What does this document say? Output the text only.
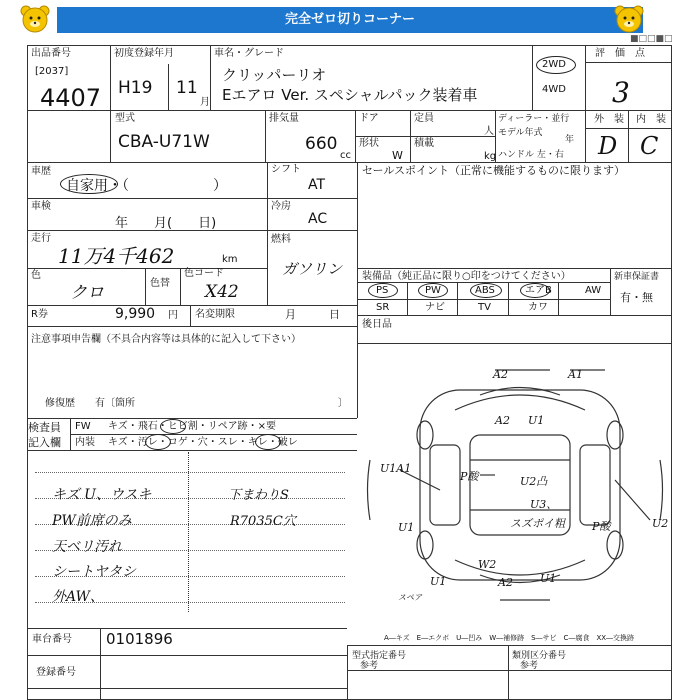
完全ゼロ切りコーナー
■□□■□
出品番号
[2037]
4407
初度登録年月
H19 11
月
車名・グレード
クリッパーリオ
Eエアロ Ver. スペシャルパック装着車
2WD
4WD
評　価　点
3
外　装 内　装
D C
型式
CBA-U71W
排気量
660
cc
ドア
形状
W
定員
人
積載
kg
ディーラー・並行
モデル年式
年
ハンドル 左・右
車歴
自家用・（　　　　　　）
車検
年　　月(　　日)
走行
11万4千462	km
色
クロ	色替
色コード
X42
R券	9,990 円 名変期限	月　　　日
シフト
AT
冷房
AC
燃料
ガソリン
セールスポイント（正常に機能するものに限ります）
装備品（純正品に限り○印をつけてください）	新車保証書
有・無
PS	PW	ABS	エアB	AW
SR	ナビ	TV	カワ
後日品
注意事項申告欄（不具合内容等は具体的に記入して下さい）
修復歴　　有〔箇所	〕
検査員
記入欄
FW キズ・飛石・ヒビ割・リペア跡・×要
内装 キズ・汚レ・コゲ・穴・スレ・キレ・破レ
キズ U、ウスキ
PW前席のみ
天ベリ汚れ
シートヤタシ
外AW、
下まわりS
R7035C穴
A2	A1
A2 U1
U1A1
P酸	U2凸
U3、
スズポイ粗 P酸	U2
U1
U1
W2
A2 U1
スペア
A―キズ　E―エクボ　U―凹み　W―補修跡　S―サビ　C―腐食　XX―交換跡
車台番号 0101896
登録番号
型式指定番号
参考
類別区分番号
参考
